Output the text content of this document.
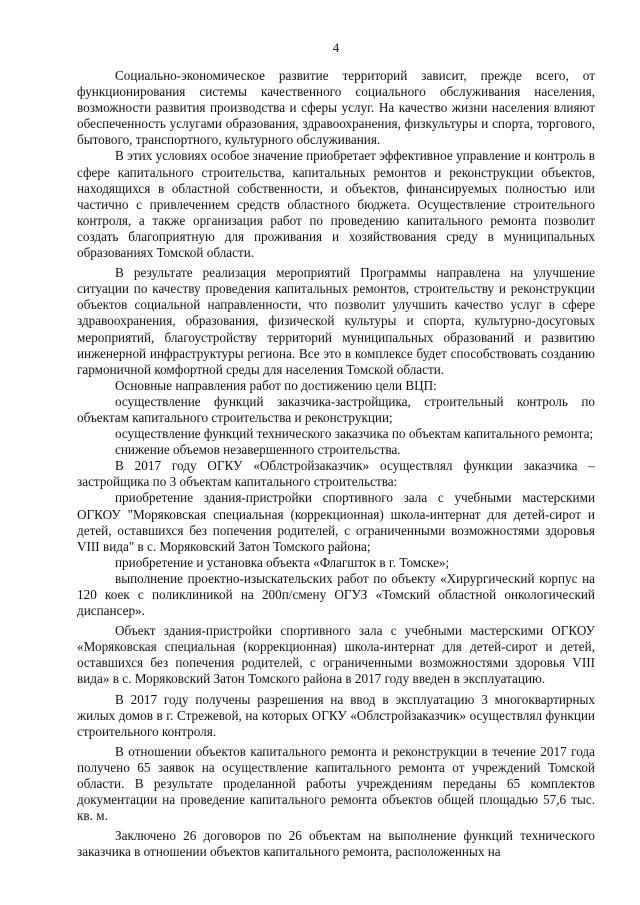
4

Социально-экономическое развитие территорий зависит, прежде всего, от функционирования системы качественного социального обслуживания населения, возможности развития производства и сферы услуг. На качество жизни населения влияют обеспеченность услугами образования, здравоохранения, физкультуры и спорта, торгового, бытового, транспортного, культурного обслуживания.

В этих условиях особое значение приобретает эффективное управление и контроль в сфере капитального строительства, капитальных ремонтов и реконструкции объектов, находящихся в областной собственности, и объектов, финансируемых полностью или частично с привлечением средств областного бюджета. Осуществление строительного контроля, а также организация работ по проведению капитального ремонта позволит создать благоприятную для проживания и хозяйствования среду в муниципальных образованиях Томской области.

В результате реализация мероприятий Программы направлена на улучшение ситуации по качеству проведения капитальных ремонтов, строительству и реконструкции объектов социальной направленности, что позволит улучшить качество услуг в сфере здравоохранения, образования, физической культуры и спорта, культурно-досуговых мероприятий, благоустройству территорий муниципальных образований и развитию инженерной инфраструктуры региона. Все это в комплексе будет способствовать созданию гармоничной комфортной среды для населения Томской области.

Основные направления работ по достижению цели ВЦП:

осуществление функций заказчика-застройщика, строительный контроль по объектам капитального строительства и реконструкции;

осуществление функций технического заказчика по объектам капитального ремонта;

снижение объемов незавершенного строительства.

В 2017 году ОГКУ «Облстройзаказчик» осуществлял функции заказчика – застройщика по 3 объектам капитального строительства:

приобретение здания-пристройки спортивного зала с учебными мастерскими ОГКОУ "Моряковская специальная (коррекционная) школа-интернат для детей-сирот и детей, оставшихся без попечения родителей, с ограниченными возможностями здоровья VIII вида" в с. Моряковский Затон Томского района;

приобретение и установка объекта «Флагшток в г. Томске»;

выполнение проектно-изыскательских работ по объекту «Хирургический корпус на 120 коек с поликлиникой на 200п/смену ОГУЗ «Томский областной онкологический диспансер».

Объект здания-пристройки спортивного зала с учебными мастерскими ОГКОУ «Моряковская специальная (коррекционная) школа-интернат для детей-сирот и детей, оставшихся без попечения родителей, с ограниченными возможностями здоровья VIII вида» в с. Моряковский Затон Томского района в 2017 году введен в эксплуатацию.

В 2017 году получены разрешения на ввод в эксплуатацию 3 многоквартирных жилых домов в г. Стрежевой, на которых ОГКУ «Облстройзаказчик» осуществлял функции строительного контроля.

В отношении объектов капитального ремонта и реконструкции в течение 2017 года получено 65 заявок на осуществление капитального ремонта от учреждений Томской области. В результате проделанной работы учреждениям переданы 65 комплектов документации на проведение капитального ремонта объектов общей площадью 57,6 тыс. кв. м.

Заключено 26 договоров по 26 объектам на выполнение функций технического заказчика в отношении объектов капитального ремонта, расположенных на
